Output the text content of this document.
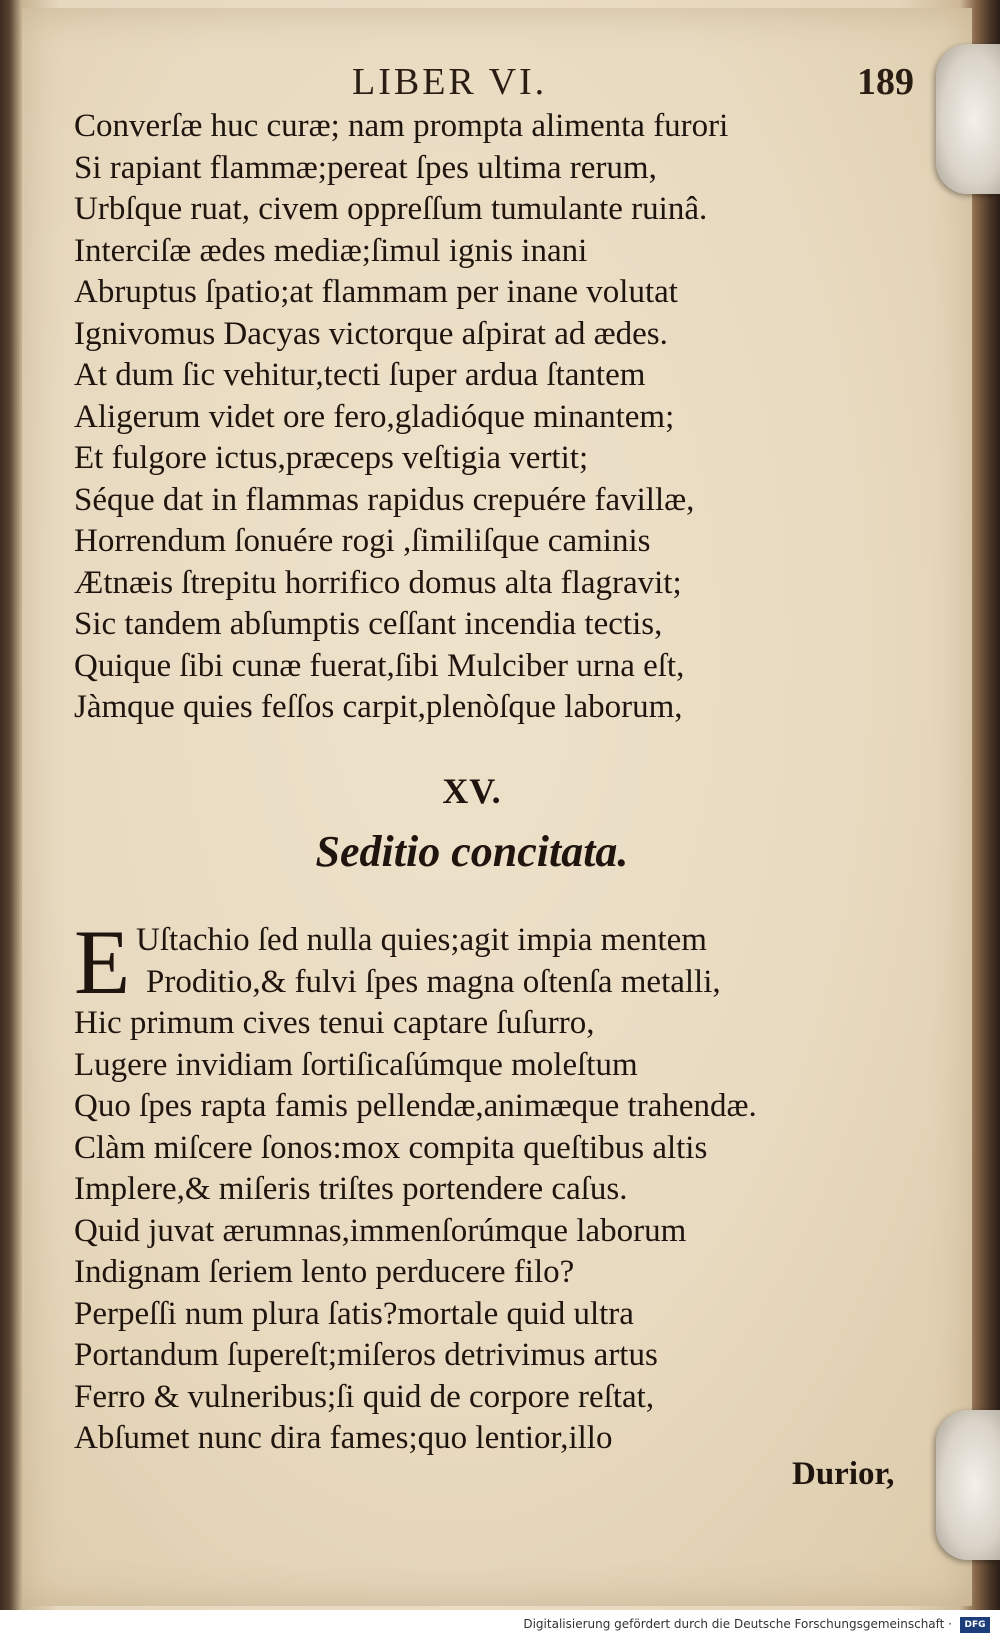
LIBER VI.	189
Converſæ huc curæ; nam prompta alimenta furori
Si rapiant flammæ;pereat ſpes ultima rerum,
Urbſque ruat, civem oppreſſum tumulante ruinâ.
Interciſæ ædes mediæ;ſimul ignis inani
Abruptus ſpatio;at flammam per inane volutat
Ignivomus Dacyas victorque aſpirat ad ædes.
At dum ſic vehitur,tecti ſuper ardua ſtantem
Aligerum videt ore fero,gladióque minantem;
Et fulgore ictus,præceps veſtigia vertit;
Séque dat in flammas rapidus crepuére favillæ,
Horrendum ſonuére rogi ,ſimiliſque caminis
Ætnæis ſtrepitu horrifico domus alta flagravit;
Sic tandem abſumptis ceſſant incendia tectis,
Quique ſibi cunæ fuerat,ſibi Mulciber urna eſt,
Jàmque quies feſſos carpit,plenòſque laborum,
XV.
Seditio concitata.
E Uſtachio ſed nulla quies;agit impia mentem
Proditio,& fulvi ſpes magna oſtenſa metalli,
Hic primum cives tenui captare ſuſurro,
Lugere invidiam ſortiſicaſúmque moleſtum
Quo ſpes rapta famis pellendæ,animæque trahendæ.
Clàm miſcere ſonos:mox compita queſtibus altis
Implere,& miſeris triſtes portendere caſus.
Quid juvat ærumnas,immenſorúmque laborum
Indignam ſeriem lento perducere filo?
Perpeſſi num plura ſatis?mortale quid ultra
Portandum ſupereſt;miſeros detrivimus artus
Ferro & vulneribus;ſi quid de corpore reſtat,
Abſumet nunc dira fames;quo lentior,illo
Durior,
Digitalisierung gefördert durch die Deutsche Forschungsgemeinschaft ·	DFG
